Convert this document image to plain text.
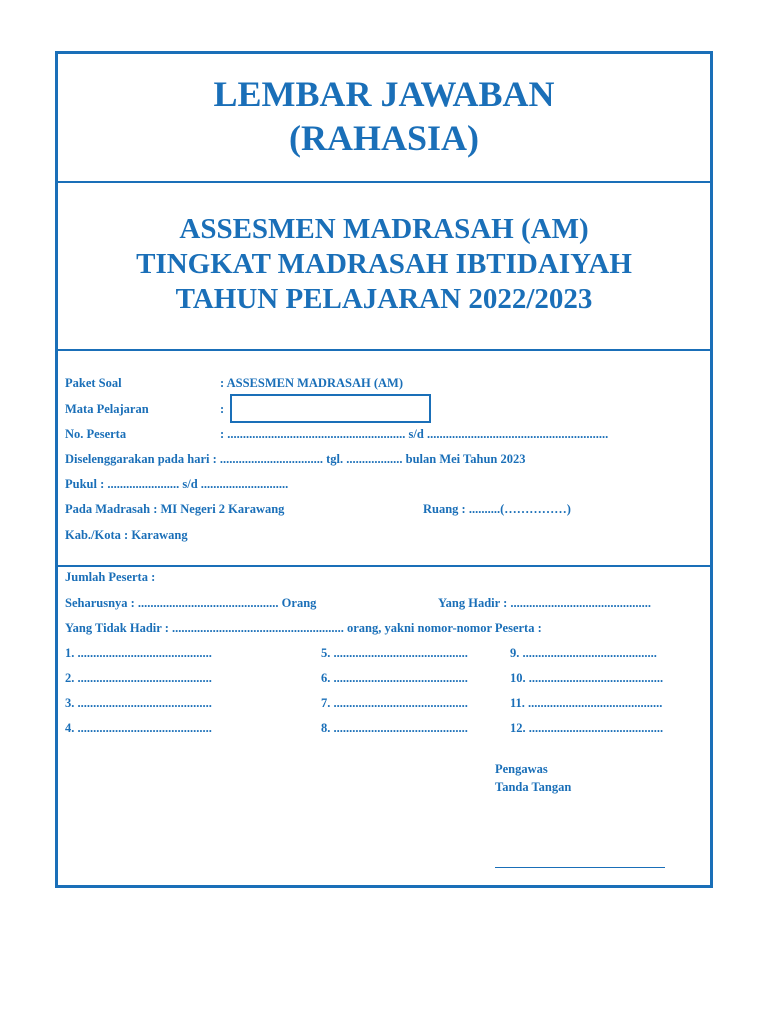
LEMBAR JAWABAN
(RAHASIA)
ASSESMEN MADRASAH (AM)
TINGKAT MADRASAH IBTIDAIYAH
TAHUN PELAJARAN 2022/2023
Paket Soal	: ASSESMEN MADRASAH (AM)
Mata Pelajaran	:
No. Peserta	: ......................................................... s/d ..........................................................
Diselenggarakan pada hari : ................................. tgl. .................. bulan Mei Tahun 2023
Pukul : ....................... s/d ............................
Pada Madrasah : MI Negeri 2 Karawang	Ruang : ..........(……………)
Kab./Kota : Karawang
Jumlah Peserta :
Seharusnya : ............................................. Orang	Yang Hadir : .............................................
Yang Tidak Hadir : ....................................................... orang, yakni nomor-nomor Peserta :
1. ...........................................
2. ...........................................
3. ...........................................
4. ...........................................
5. ...........................................
6. ...........................................
7. ...........................................
8. ...........................................
9. ...........................................
10. ...........................................
11. ...........................................
12. ...........................................
Pengawas
Tanda Tangan
